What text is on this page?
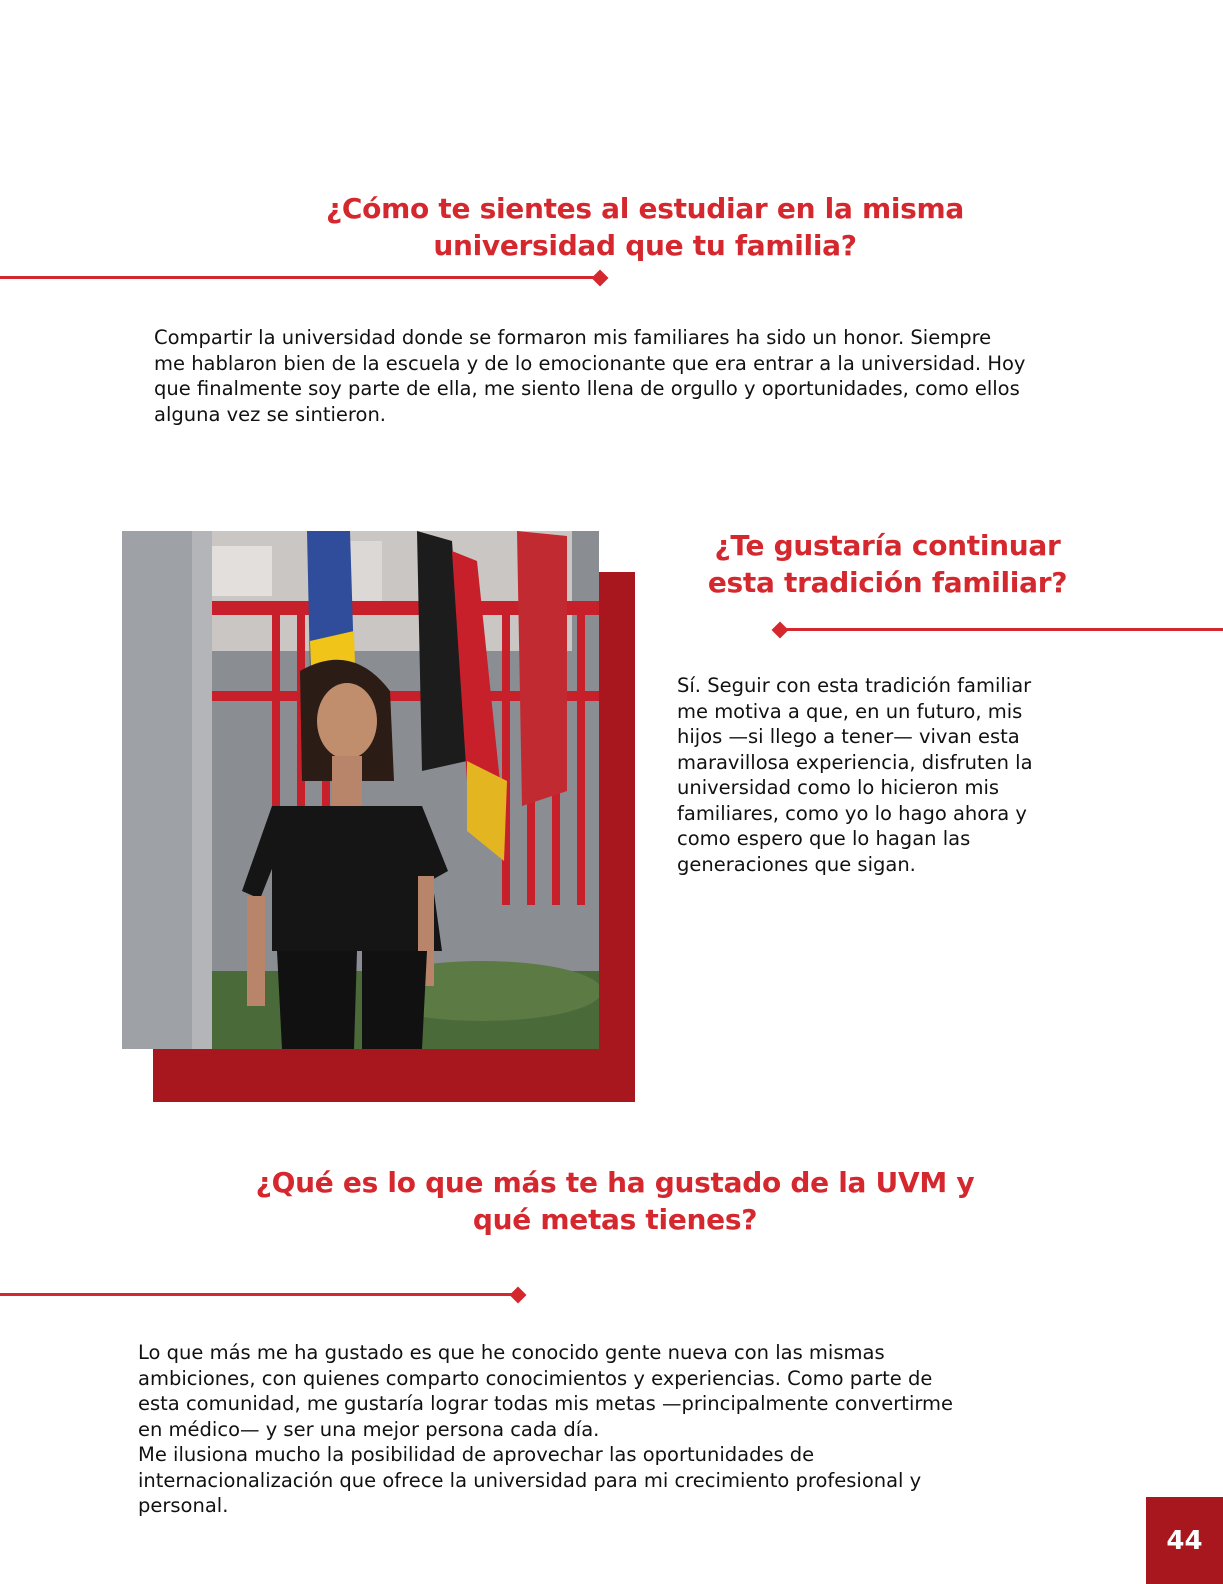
¿Cómo te sientes al estudiar en la misma
universidad que tu familia?

Compartir la universidad donde se formaron mis familiares ha sido un honor. Siempre
me hablaron bien de la escuela y de lo emocionante que era entrar a la universidad. Hoy
que finalmente soy parte de ella, me siento llena de orgullo y oportunidades, como ellos
alguna vez se sintieron.

¿Te gustaría continuar
esta tradición familiar?

Sí. Seguir con esta tradición familiar
me motiva a que, en un futuro, mis
hijos —si llego a tener— vivan esta
maravillosa experiencia, disfruten la
universidad como lo hicieron mis
familiares, como yo lo hago ahora y
como espero que lo hagan las
generaciones que sigan.

¿Qué es lo que más te ha gustado de la UVM y
qué metas tienes?

Lo que más me ha gustado es que he conocido gente nueva con las mismas
ambiciones, con quienes comparto conocimientos y experiencias. Como parte de
esta comunidad, me gustaría lograr todas mis metas —principalmente convertirme
en médico— y ser una mejor persona cada día.
Me ilusiona mucho la posibilidad de aprovechar las oportunidades de
internacionalización que ofrece la universidad para mi crecimiento profesional y
personal.

44
